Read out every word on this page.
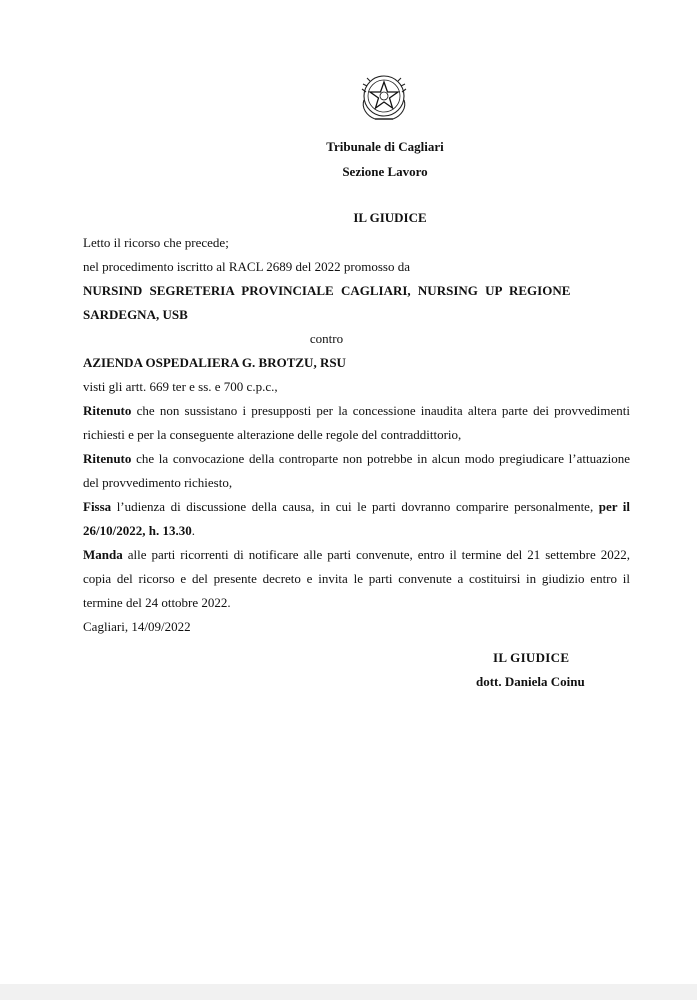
Tribunale di Cagliari
Sezione Lavoro
IL GIUDICE

Letto il ricorso che precede;

nel procedimento iscritto al RACL 2689 del 2022 promosso da

NURSIND SEGRETERIA PROVINCIALE CAGLIARI, NURSING UP REGIONE

SARDEGNA, USB

contro

AZIENDA OSPEDALIERA G. BROTZU, RSU

visti gli artt. 669 ter e ss. e 700 c.p.c.,

Ritenuto che non sussistano i presupposti per la concessione inaudita altera parte dei provvedimenti richiesti e per la conseguente alterazione delle regole del contraddittorio,

Ritenuto che la convocazione della controparte non potrebbe in alcun modo pregiudicare l’attuazione del provvedimento richiesto,

Fissa l’udienza di discussione della causa, in cui le parti dovranno comparire personalmente, per il 26/10/2022, h. 13.30.

Manda alle parti ricorrenti di notificare alle parti convenute, entro il termine del 21 settembre 2022, copia del ricorso e del presente decreto e invita le parti convenute a costituirsi in giudizio entro il termine del 24 ottobre 2022.

Cagliari, 14/09/2022

IL GIUDICE
dott. Daniela Coinu
